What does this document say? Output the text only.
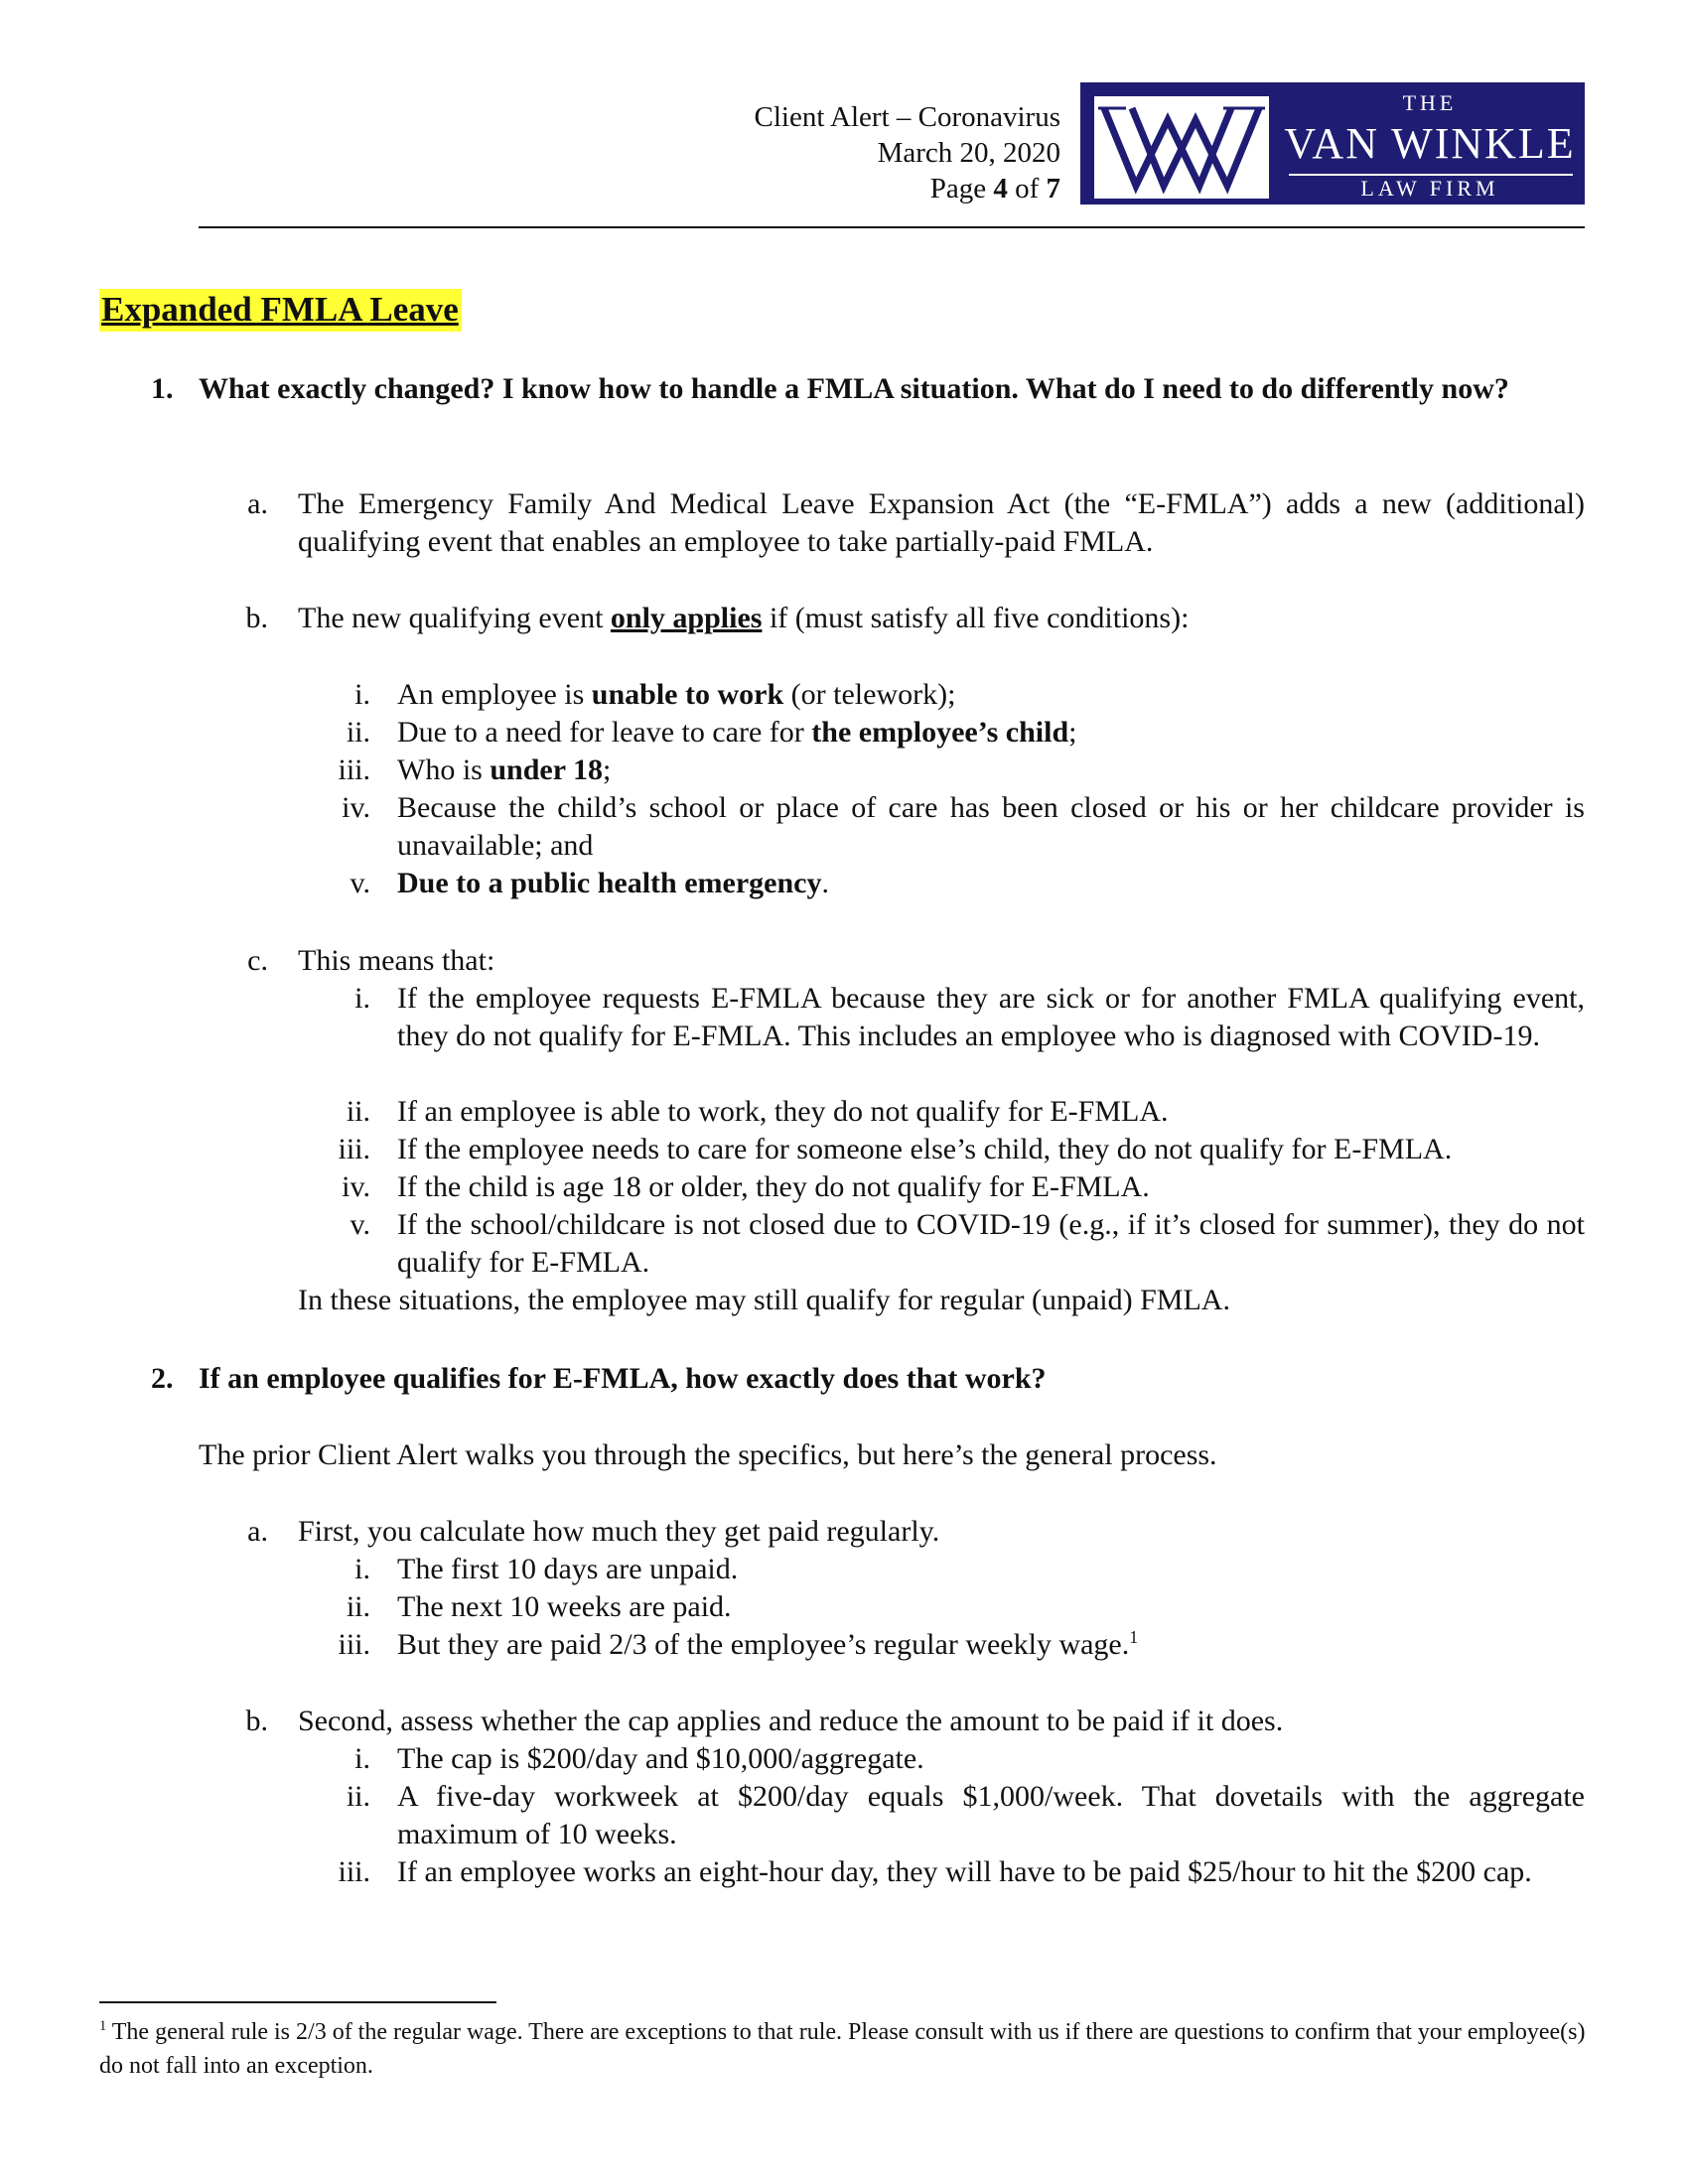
Client Alert – Coronavirus
March 20, 2020
Page 4 of 7
THE
VAN WINKLE
LAW FIRM
Expanded FMLA Leave
1. What exactly changed? I know how to handle a FMLA situation. What do I need to do differently now?
a. The Emergency Family And Medical Leave Expansion Act (the “E-FMLA”) adds a new (additional) qualifying event that enables an employee to take partially-paid FMLA.
b. The new qualifying event only applies if (must satisfy all five conditions):
i. An employee is unable to work (or telework);
ii. Due to a need for leave to care for the employee’s child;
iii. Who is under 18;
iv. Because the child’s school or place of care has been closed or his or her childcare provider is unavailable; and
v. Due to a public health emergency.
c. This means that:
i. If the employee requests E-FMLA because they are sick or for another FMLA qualifying event, they do not qualify for E-FMLA. This includes an employee who is diagnosed with COVID-19.
ii. If an employee is able to work, they do not qualify for E-FMLA.
iii. If the employee needs to care for someone else’s child, they do not qualify for E-FMLA.
iv. If the child is age 18 or older, they do not qualify for E-FMLA.
v. If the school/childcare is not closed due to COVID-19 (e.g., if it’s closed for summer), they do not qualify for E-FMLA.
In these situations, the employee may still qualify for regular (unpaid) FMLA.
2. If an employee qualifies for E-FMLA, how exactly does that work?
The prior Client Alert walks you through the specifics, but here’s the general process.
a. First, you calculate how much they get paid regularly.
i. The first 10 days are unpaid.
ii. The next 10 weeks are paid.
iii. But they are paid 2/3 of the employee’s regular weekly wage.$^1$
b. Second, assess whether the cap applies and reduce the amount to be paid if it does.
i. The cap is $200/day and $10,000/aggregate.
ii. A five-day workweek at $200/day equals $1,000/week. That dovetails with the aggregate maximum of 10 weeks.
iii. If an employee works an eight-hour day, they will have to be paid $25/hour to hit the $200 cap.
$^1$ The general rule is 2/3 of the regular wage. There are exceptions to that rule. Please consult with us if there are questions to confirm that your employee(s) do not fall into an exception.
